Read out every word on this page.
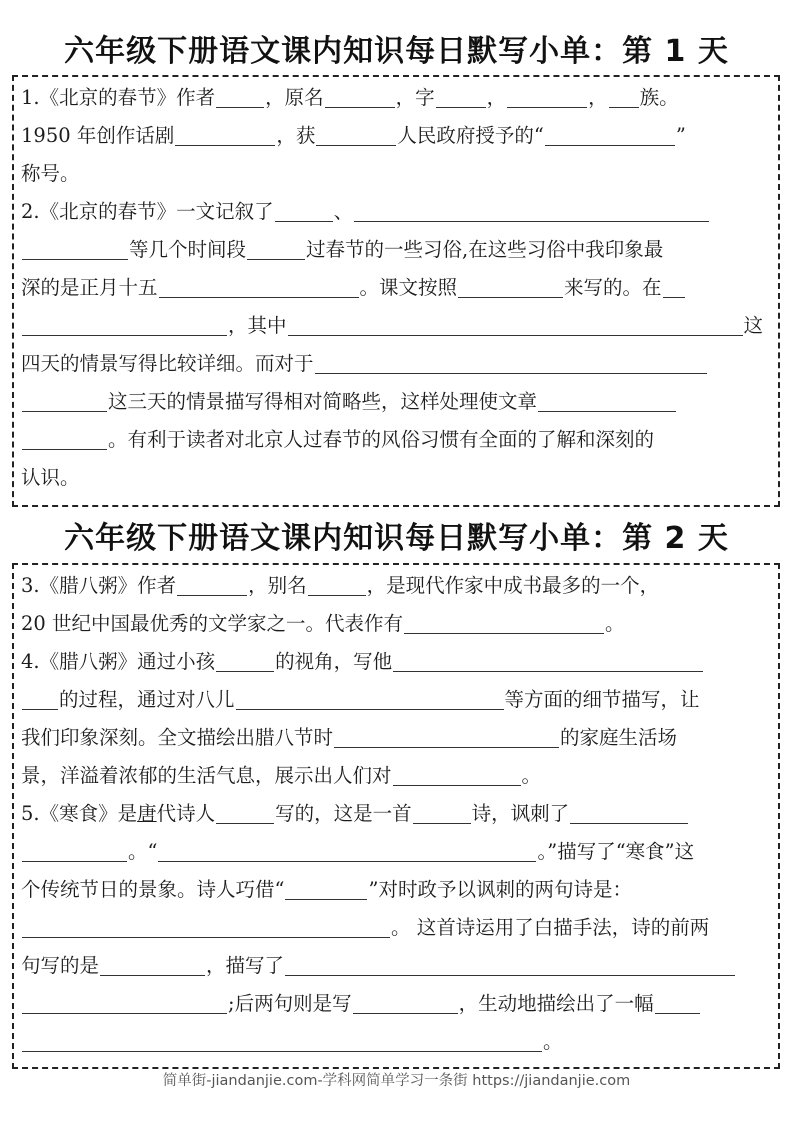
六年级下册语文课内知识每日默写小单：第 1 天
1.《北京的春节》作者	，原名	，字	，	， 族。
1950 年创作话剧	，获	人民政府授予的“	”
称号。
2.《北京的春节》一文记叙了	、
等几个时间段	过春节的一些习俗,在这些习俗中我印象最
深的是正月十五	。课文按照	来写的。在
，其中	这
四天的情景写得比较详细。而对于
这三天的情景描写得相对简略些，这样处理使文章
。有利于读者对北京人过春节的风俗习惯有全面的了解和深刻的
认识。
六年级下册语文课内知识每日默写小单：第 2 天
3.《腊八粥》作者	，别名	，是现代作家中成书最多的一个，
20 世纪中国最优秀的文学家之一。代表作有	。
4.《腊八粥》通过小孩	的视角，写他
的过程，通过对八儿	等方面的细节描写，让
我们印象深刻。全文描绘出腊八节时	的家庭生活场
景，洋溢着浓郁的生活气息，展示出人们对	。
5.《寒食》是唐代诗人	写的，这是一首	诗，讽刺了
。“	。”描写了“寒食”这
个传统节日的景象。诗人巧借“	”对时政予以讽刺的两句诗是：
。 这首诗运用了白描手法，诗的前两
句写的是	，描写了
;后两句则是写	，生动地描绘出了一幅
。
简单街-jiandanjie.com-学科网简单学习一条街 https://jiandanjie.com
